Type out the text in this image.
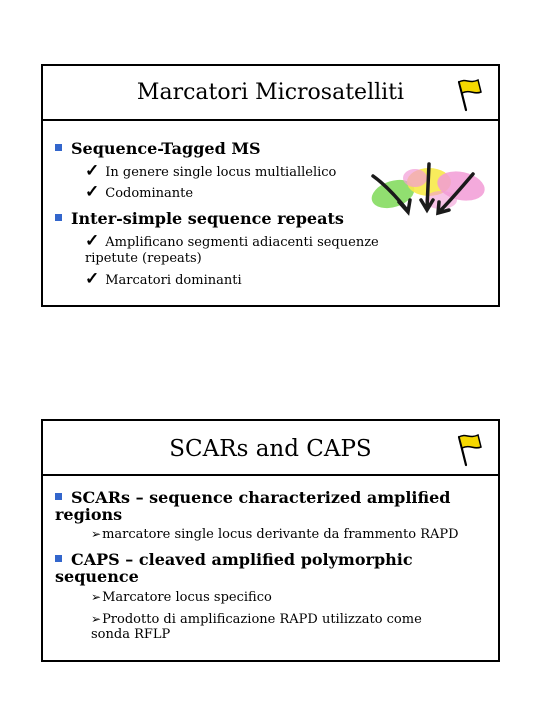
Marcatori Microsatelliti
Sequence-Tagged MS
✓ In genere single locus multiallelico
✓ Codominante
Inter-simple sequence repeats
✓ Amplificano segmenti adiacenti sequenze
ripetute (repeats)
✓ Marcatori dominanti
SCARs and CAPS
SCARs – sequence characterized amplified
regions
➢marcatore single locus derivante da frammento RAPD
CAPS – cleaved amplified polymorphic
sequence
➢Marcatore locus specifico
➢Prodotto di amplificazione RAPD utilizzato come
sonda RFLP
